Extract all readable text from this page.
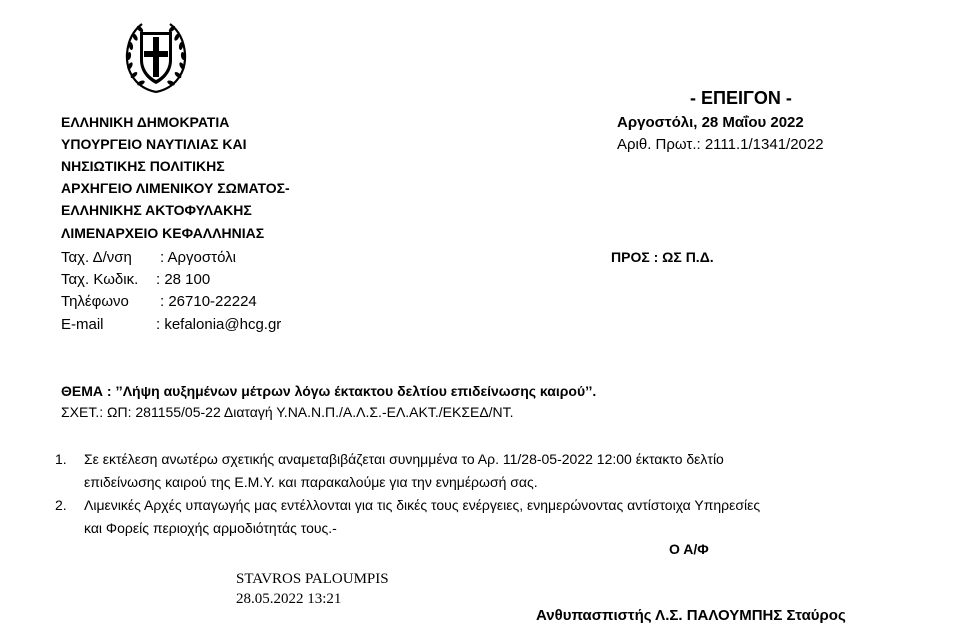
- ΕΠΕΙΓΟΝ -
Αργοστόλι, 28 Μαΐου 2022
Αριθ. Πρωτ.: 2111.1/1341/2022
ΕΛΛΗΝΙΚΗ ΔΗΜΟΚΡΑΤΙΑ
ΥΠΟΥΡΓΕΙΟ ΝΑΥΤΙΛΙΑΣ ΚΑΙ
ΝΗΣΙΩΤΙΚΗΣ ΠΟΛΙΤΙΚΗΣ
ΑΡΧΗΓΕΙΟ ΛΙΜΕΝΙΚΟΥ ΣΩΜΑΤΟΣ-
ΕΛΛΗΝΙΚΗΣ ΑΚΤΟΦΥΛΑΚΗΣ
ΛΙΜΕΝΑΡΧΕΙΟ ΚΕΦΑΛΛΗΝΙΑΣ
Ταχ. Δ/νση : Αργοστόλι
Ταχ. Κωδικ. : 28 100
Τηλέφωνο : 26710-22224
E-mail	: kefalonia@hcg.gr
ΠΡΟΣ : ΩΣ Π.Δ.
ΘΕΜΑ : ’’Λήψη αυξημένων μέτρων λόγω έκτακτου δελτίου επιδείνωσης καιρού’’.
ΣΧΕΤ.: ΩΠ: 281155/05-22 Διαταγή Υ.ΝΑ.Ν.Π./Α.Λ.Σ.-ΕΛ.ΑΚΤ./ΕΚΣΕΔ/ΝΤ.
1. Σε εκτέλεση ανωτέρω σχετικής αναμεταβιβάζεται συνημμένα το Αρ. 11/28-05-2022 12:00 έκτακτο δελτίο
επιδείνωσης καιρού της Ε.Μ.Υ. και παρακαλούμε για την ενημέρωσή σας.
2. Λιμενικές Αρχές υπαγωγής μας εντέλλονται για τις δικές τους ενέργειες, ενημερώνοντας αντίστοιχα Υπηρεσίες
και Φορείς περιοχής αρμοδιότητάς τους.-
Ο Α/Φ
STAVROS PALOUMPIS
28.05.2022 13:21
Ανθυπασπιστής Λ.Σ. ΠΑΛΟΥΜΠΗΣ Σταύρος
